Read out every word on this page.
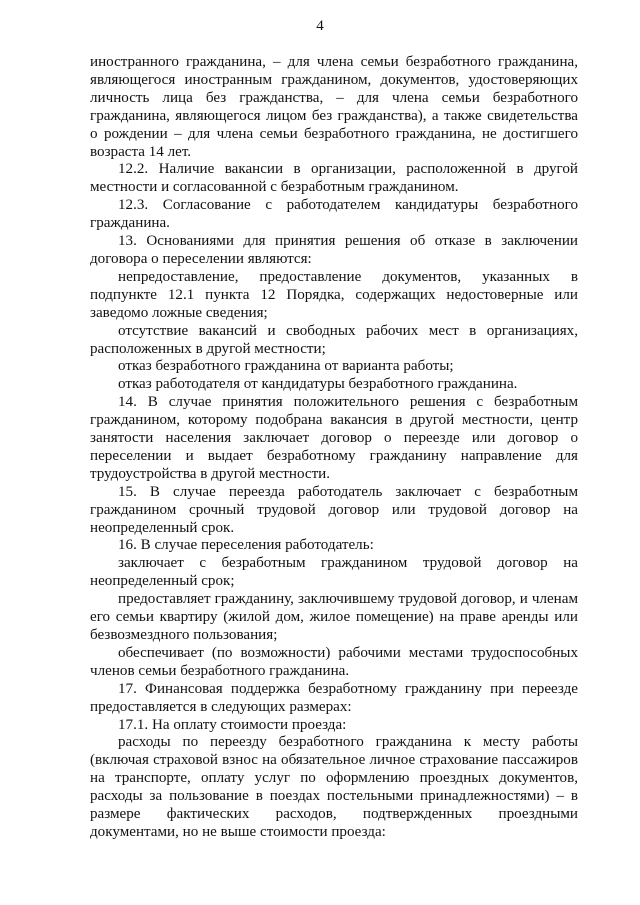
4

иностранного гражданина, – для члена семьи безработного гражданина, являющегося иностранным гражданином, документов, удостоверяющих личность лица без гражданства, – для члена семьи безработного гражданина, являющегося лицом без гражданства), а также свидетельства о рождении – для члена семьи безработного гражданина, не достигшего возраста 14 лет.

12.2. Наличие вакансии в организации, расположенной в другой местности и согласованной с безработным гражданином.

12.3. Согласование с работодателем кандидатуры безработного гражданина.

13. Основаниями для принятия решения об отказе в заключении договора о переселении являются:

непредоставление, предоставление документов, указанных в подпункте 12.1 пункта 12 Порядка, содержащих недостоверные или заведомо ложные сведения;

отсутствие вакансий и свободных рабочих мест в организациях, расположенных в другой местности;

отказ безработного гражданина от варианта работы;

отказ работодателя от кандидатуры безработного гражданина.

14. В случае принятия положительного решения с безработным гражданином, которому подобрана вакансия в другой местности, центр занятости населения заключает договор о переезде или договор о переселении и выдает безработному гражданину направление для трудоустройства в другой местности.

15. В случае переезда работодатель заключает с безработным гражданином срочный трудовой договор или трудовой договор на неопределенный срок.

16. В случае переселения работодатель:

заключает с безработным гражданином трудовой договор на неопределенный срок;

предоставляет гражданину, заключившему трудовой договор, и членам его семьи квартиру (жилой дом, жилое помещение) на праве аренды или безвозмездного пользования;

обеспечивает (по возможности) рабочими местами трудоспособных членов семьи безработного гражданина.

17. Финансовая поддержка безработному гражданину при переезде предоставляется в следующих размерах:

17.1. На оплату стоимости проезда:

расходы по переезду безработного гражданина к месту работы (включая страховой взнос на обязательное личное страхование пассажиров на транспорте, оплату услуг по оформлению проездных документов, расходы за пользование в поездах постельными принадлежностями) – в размере фактических расходов, подтвержденных проездными документами, но не выше стоимости проезда:
